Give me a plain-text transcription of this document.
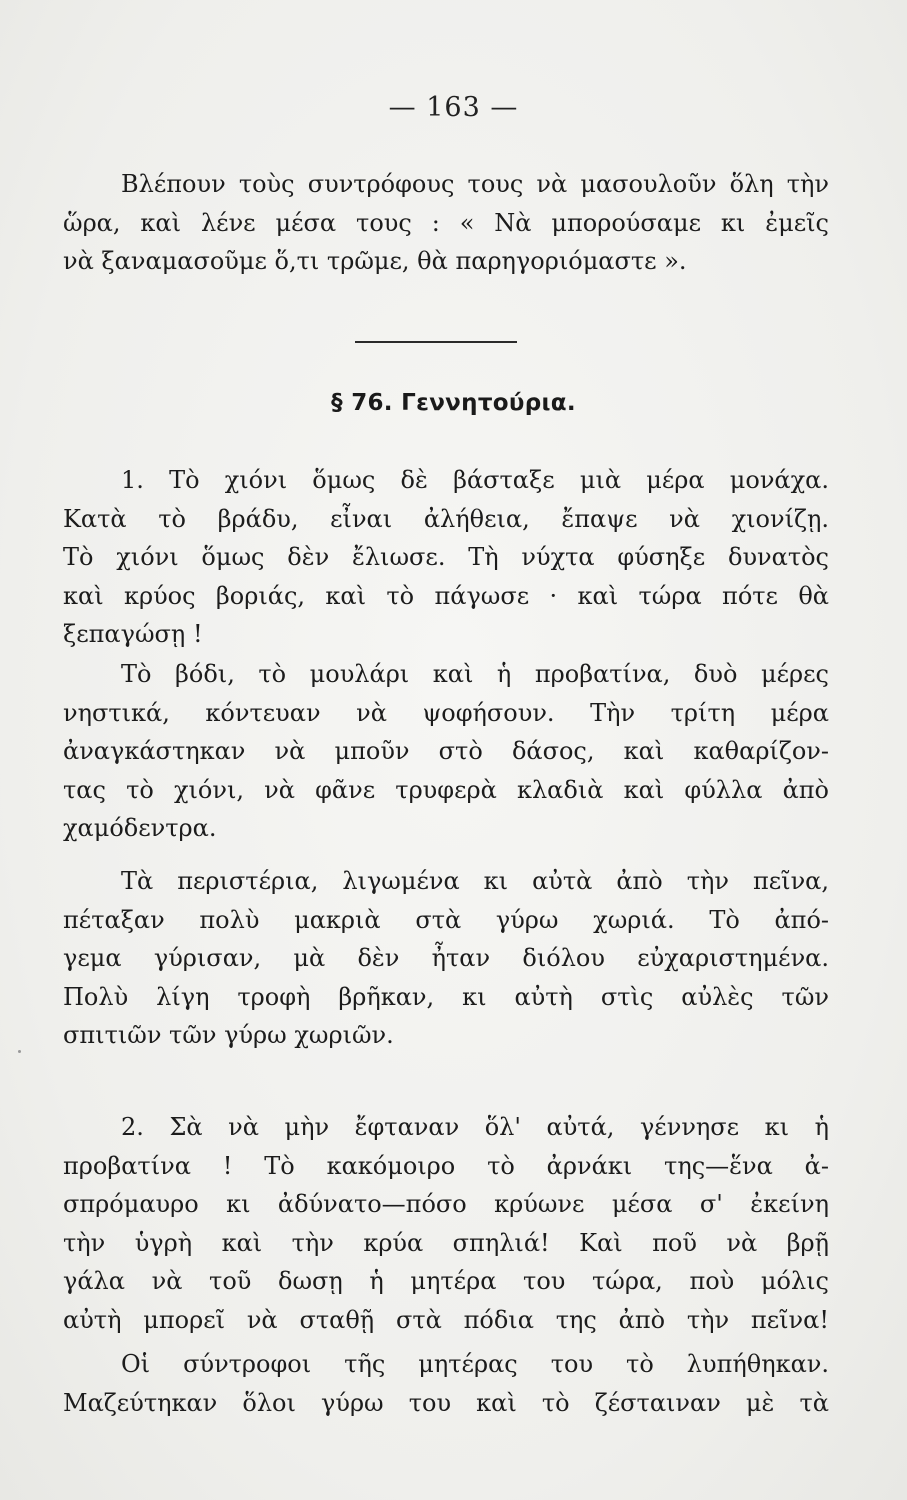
— 163 —

Βλέπουν τοὺς συντρόφους τους νὰ μασουλοῦν ὅλη τὴν
ὥρα, καὶ λένε μέσα τους : « Νὰ μπορούσαμε κι ἐμεῖς
νὰ ξαναμασοῦμε ὅ,τι τρῶμε, θὰ παρηγοριόμαστε ».

§ 76. Γεννητούρια.

1. Τὸ χιόνι ὅμως δὲ βάσταξε μιὰ μέρα μονάχα.
Κατὰ τὸ βράδυ, εἶναι ἀλήθεια, ἔπαψε νὰ χιονίζῃ.
Τὸ χιόνι ὅμως δὲν ἔλιωσε. Τὴ νύχτα φύσηξε δυνατὸς
καὶ κρύος βοριάς, καὶ τὸ πάγωσε · καὶ τώρα πότε θὰ
ξεπαγώσῃ !

Τὸ βόδι, τὸ μουλάρι καὶ ἡ προβατίνα, δυὸ μέρες
νηστικά, κόντευαν νὰ ψοφήσουν. Τὴν τρίτη μέρα
ἀναγκάστηκαν νὰ μποῦν στὸ δάσος, καὶ καθαρίζον-
τας τὸ χιόνι, νὰ φᾶνε τρυφερὰ κλαδιὰ καὶ φύλλα ἀπὸ
χαμόδεντρα.

Τὰ περιστέρια, λιγωμένα κι αὐτὰ ἀπὸ τὴν πεῖνα,
πέταξαν πολὺ μακριὰ στὰ γύρω χωριά. Τὸ ἀπό-
γεμα γύρισαν, μὰ δὲν ἦταν διόλου εὐχαριστημένα.
Πολὺ λίγη τροφὴ βρῆκαν, κι αὐτὴ στὶς αὐλὲς τῶν
σπιτιῶν τῶν γύρω χωριῶν.

2. Σὰ νὰ μὴν ἔφταναν ὅλ' αὐτά, γέννησε κι ἡ
προβατίνα ! Τὸ κακόμοιρο τὸ ἀρνάκι της—ἕνα ἀ-
σπρόμαυρο κι ἀδύνατο—πόσο κρύωνε μέσα σ' ἐκείνη
τὴν ὑγρὴ καὶ τὴν κρύα σπηλιά! Καὶ ποῦ νὰ βρῇ
γάλα νὰ τοῦ δωσῃ ἡ μητέρα του τώρα, ποὺ μόλις
αὐτὴ μπορεῖ νὰ σταθῇ στὰ πόδια της ἀπὸ τὴν πεῖνα!

Οἱ σύντροφοι τῆς μητέρας του τὸ λυπήθηκαν.
Μαζεύτηκαν ὅλοι γύρω του καὶ τὸ ζέσταιναν μὲ τὰ
